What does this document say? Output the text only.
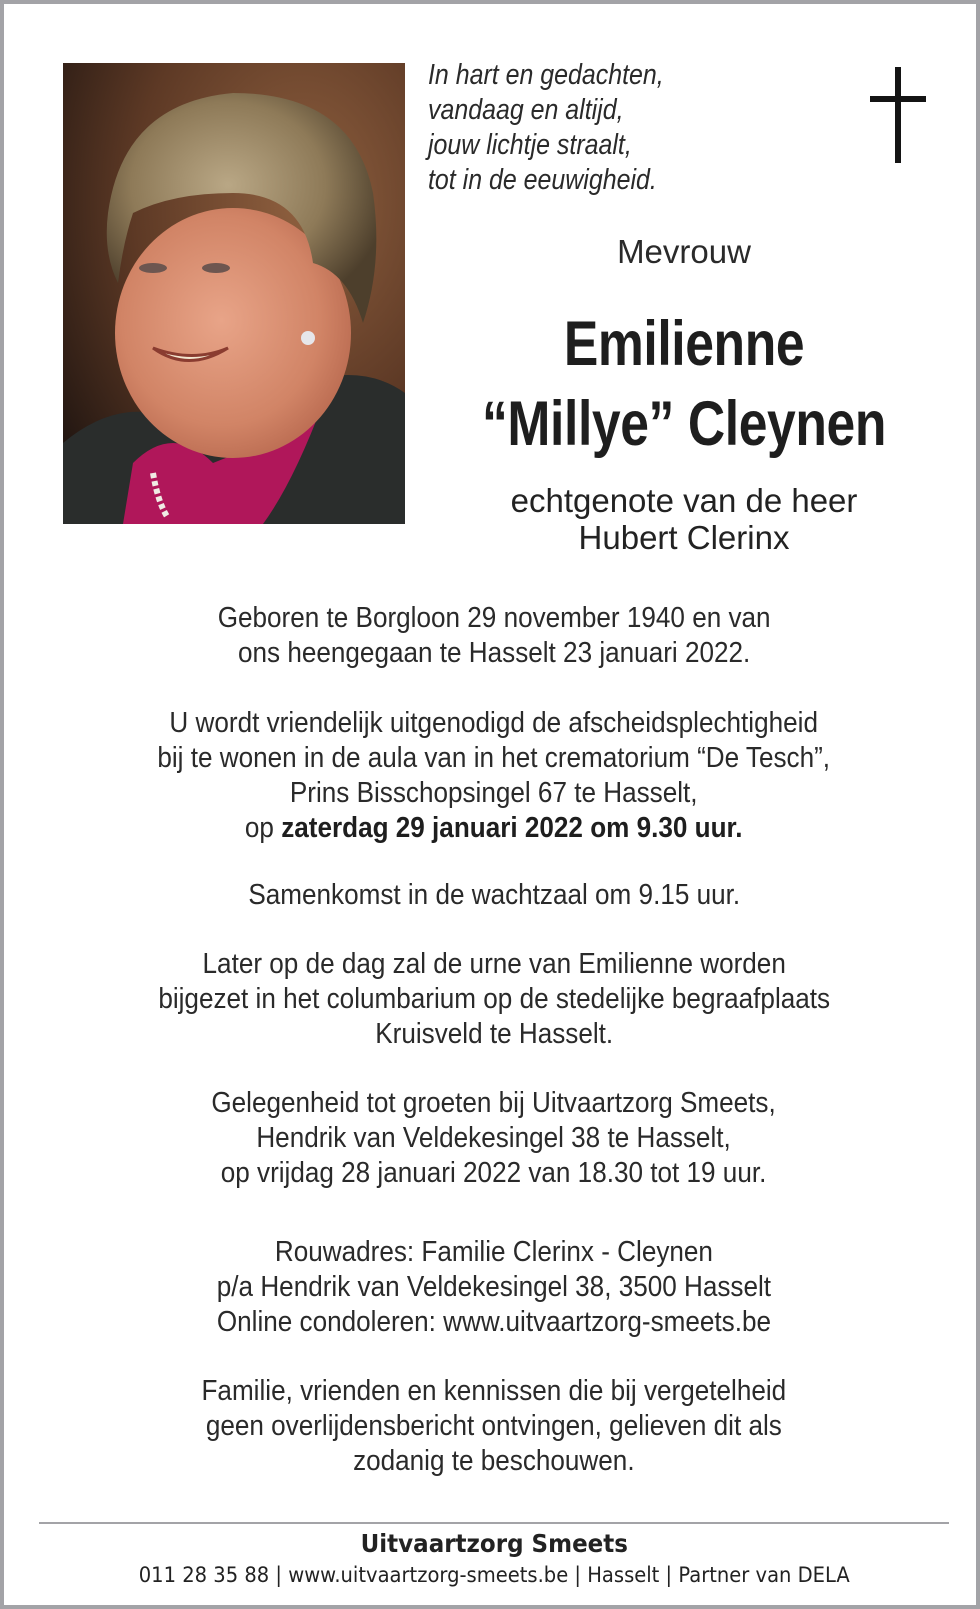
In hart en gedachten,
vandaag en altijd,
jouw lichtje straalt,
tot in de eeuwigheid.
Mevrouw
Emilienne
“Millye” Cleynen
echtgenote van de heer
Hubert Clerinx
Geboren te Borgloon 29 november 1940 en van
ons heengegaan te Hasselt 23 januari 2022.
U wordt vriendelijk uitgenodigd de afscheidsplechtigheid
bij te wonen in de aula van in het crematorium “De Tesch”,
Prins Bisschopsingel 67 te Hasselt,
op zaterdag 29 januari 2022 om 9.30 uur.
Samenkomst in de wachtzaal om 9.15 uur.
Later op de dag zal de urne van Emilienne worden
bijgezet in het columbarium op de stedelijke begraafplaats
Kruisveld te Hasselt.
Gelegenheid tot groeten bij Uitvaartzorg Smeets,
Hendrik van Veldekesingel 38 te Hasselt,
op vrijdag 28 januari 2022 van 18.30 tot 19 uur.
Rouwadres: Familie Clerinx - Cleynen
p/a Hendrik van Veldekesingel 38, 3500 Hasselt
Online condoleren: www.uitvaartzorg-smeets.be
Familie, vrienden en kennissen die bij vergetelheid
geen overlijdensbericht ontvingen, gelieven dit als
zodanig te beschouwen.
Uitvaartzorg Smeets
011 28 35 88 | www.uitvaartzorg-smeets.be | Hasselt | Partner van DELA
